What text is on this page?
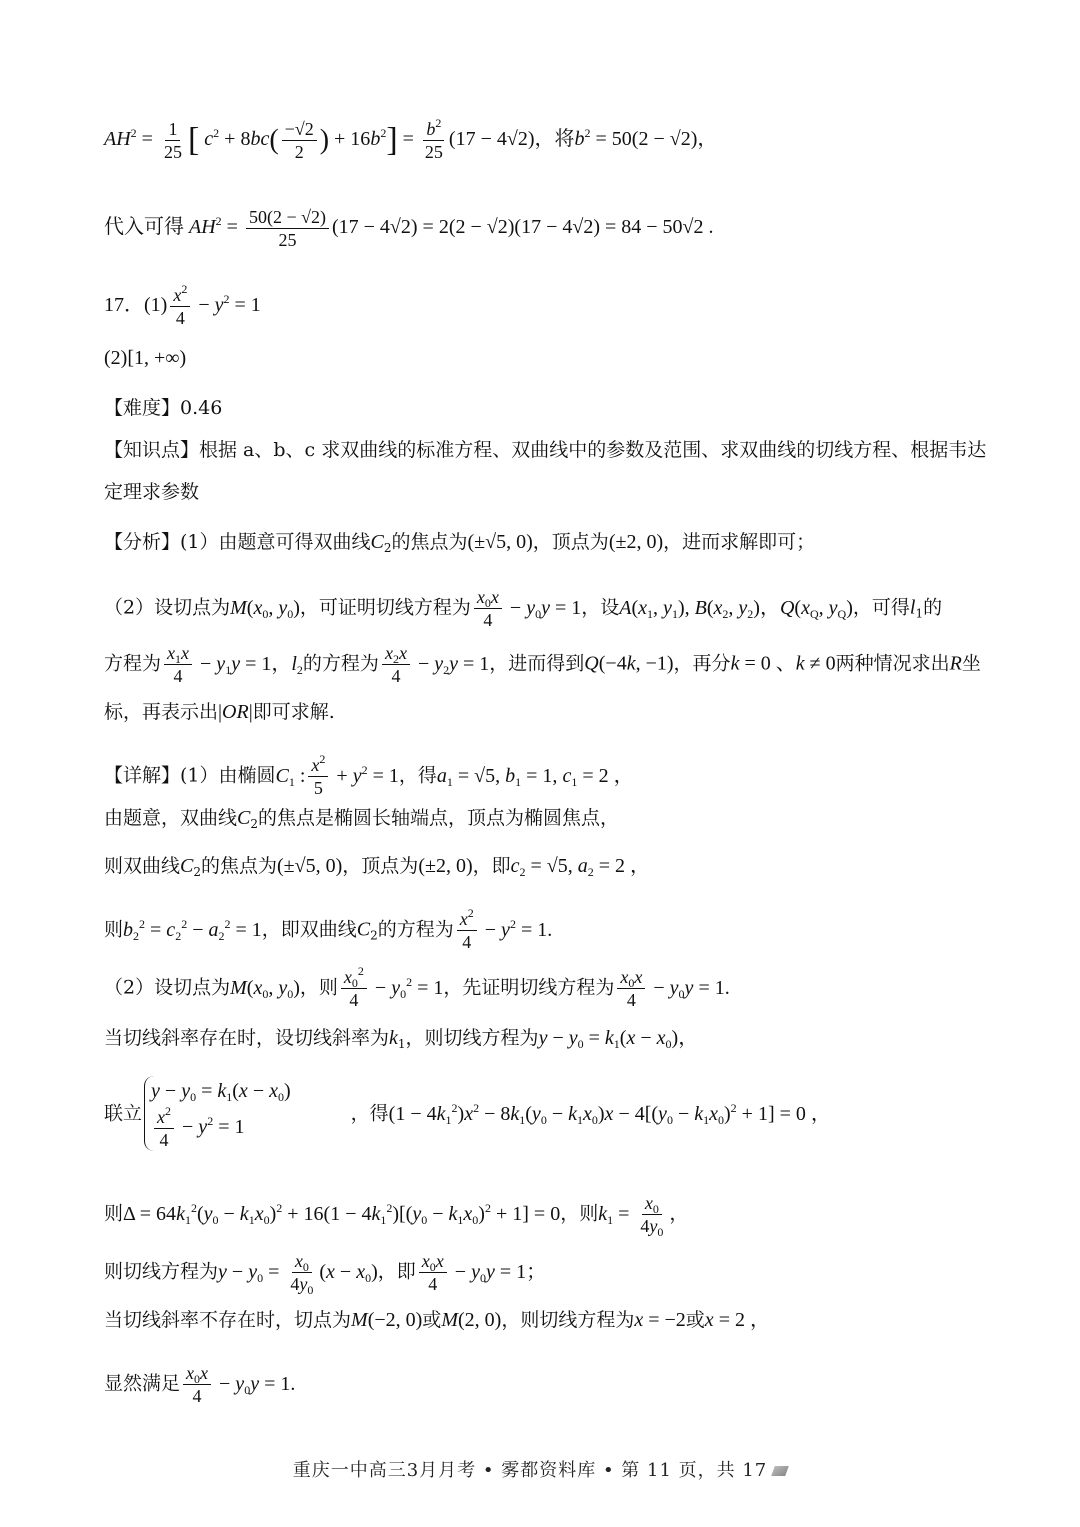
$AH^2 = \frac{1}{25}$ [ $c^2 + 8bc( \frac{-√2}{2}$ ) + $16b^2] = \frac{b^2}{25} (17 - 4√2)$，将$b^2 = 50(2 - √2)$，
代入可得 $AH^2 = \frac{50(2 - √2)}{25} (17 - 4√2) = 2(2 - √2)(17 - 4√2) = 84 - 50√2$ .
17．$(1) \frac{x^2}{4} - y^2 = 1$
(2)[1, +∞)
【难度】0.46
【知识点】根据 a、b、c 求双曲线的标准方程、双曲线中的参数及范围、求双曲线的切线方程、根据韦达
定理求参数
【分析】(1）由题意可得双曲线$C_2$的焦点为(±√5, 0)，顶点为(±2, 0)，进而求解即可；
（2）设切点为$M(x_0$, $y_0$)，可证明切线方程为 $\frac{x_0x}{4} - y_0y = 1$，设$A(x_1$, $y_1$), $B(x_2$, $y_2$)，$Q(x_Q$, $y_Q$)，可得$l_1$的
方程为 $\frac{x_1x}{4} - y_1y = 1$，$l_2$的方程为 $\frac{x_2x}{4} - y_2y = 1$，进而得到Q(−4k, −1)，再分k = 0 、k ≠ 0两种情况求出R坐
标，再表示出|OR|即可求解.
【详解】(1）由椭圆$C_1$ : $\frac{x^2}{5} + y^2 = 1$，得$a_1 = √5$, $b_1 = 1$, $c_1 = 2$ ，
由题意，双曲线$C_2$的焦点是椭圆长轴端点，顶点为椭圆焦点，
则双曲线$C_2$的焦点为(±√5, 0)，顶点为(±2, 0)，即$c_2 = √5$, $a_2 = 2$ ，
则$b_2^2 = c_2^2 - a_2^2 = 1$，即双曲线$C_2$的方程为 $\frac{x^2}{4} - y^2 = 1$.
（2）设切点为$M(x_0$, $y_0$)，则 $\frac{x_0^2}{4} - y_0^2 = 1$，先证明切线方程为 $\frac{x_0x}{4} - y_0y = 1$.
当切线斜率存在时，设切线斜率为$k_1$，则切线方程为$y - y_0 = k_1(x - x_0)$，
联立
$y - y_0 = k_1(x - x_0)$
$\frac{x^2}{4} - y^2 = 1$
，得$(1 - 4k_1^2)x^2 - 8k_1(y_0 - k_1x_0)x - 4[(y_0 - k_1x_0)^2 + 1] = 0$ ，
则$\Delta = 64k_1^2(y_0 - k_1x_0)^2 + 16(1 - 4k_1^2)[(y_0 - k_1x_0)^2 + 1] = 0$，则$k_1 = \frac{x_0}{4y_0}$ ，
则切线方程为$y - y_0 = \frac{x_0}{4y_0} (x - x_0)$，即 $\frac{x_0x}{4} - y_0y = 1$；
当切线斜率不存在时，切点为M(−2, 0)或M(2, 0)，则切线方程为x = −2或x = 2 ，
显然满足 $\frac{x_0x}{4} - y_0y = 1$.
重庆一中高三3月月考 • 雾都资料库 • 第 11 页，共 17
